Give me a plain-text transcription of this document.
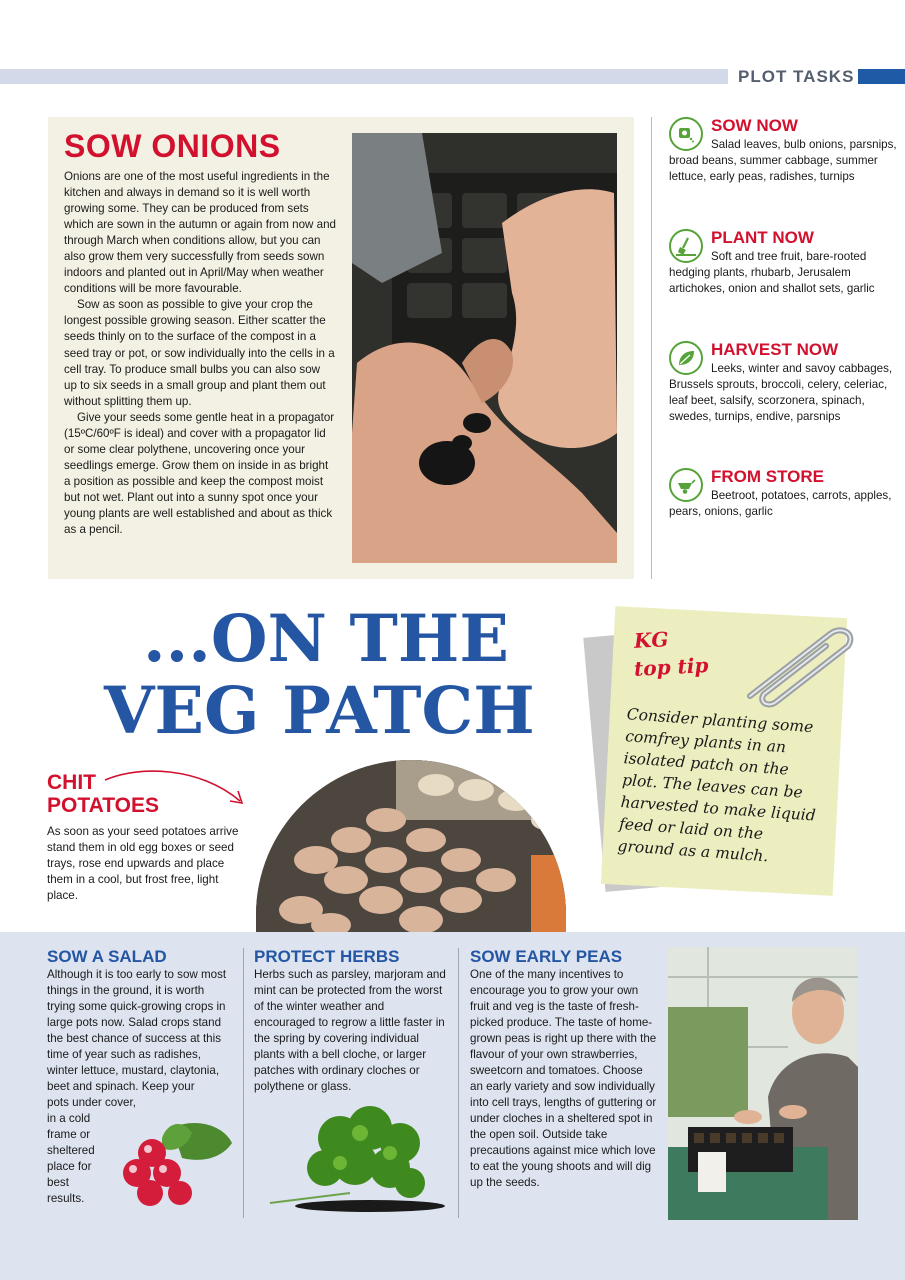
PLOT TASKS
SOW ONIONS

Onions are one of the most useful ingredients in the kitchen and always in demand so it is well worth growing some. They can be produced from sets which are sown in the autumn or again from now and through March when conditions allow, but you can also grow them very successfully from seeds sown indoors and planted out in April/May when weather conditions will be more favourable.

Sow as soon as possible to give your crop the longest possible growing season. Either scatter the seeds thinly on to the surface of the compost in a seed tray or pot, or sow individually into the cells in a cell tray. To produce small bulbs you can also sow up to six seeds in a small group and plant them out without splitting them up.

Give your seeds some gentle heat in a propagator (15ºC/60ºF is ideal) and cover with a propagator lid or some clear polythene, uncovering once your seedlings emerge. Grow them on inside in as bright a position as possible and keep the compost moist but not wet. Plant out into a sunny spot once your young plants are well established and about as thick as a pencil.

SOW NOW

Salad leaves, bulb onions, parsnips, broad beans, summer cabbage, summer lettuce, early peas, radishes, turnips

PLANT NOW

Soft and tree fruit, bare-rooted hedging plants, rhubarb, Jerusalem artichokes, onion and shallot sets, garlic

HARVEST NOW

Leeks, winter and savoy cabbages, Brussels sprouts, broccoli, celery, celeriac, leaf beet, salsify, scorzonera, spinach, swedes, turnips, endive, parsnips

FROM STORE

Beetroot, potatoes, carrots, apples, pears, onions, garlic

...ON THE
VEG PATCH
KG
top tip

Consider planting some comfrey plants in an isolated patch on the plot. The leaves can be harvested to make liquid feed or laid on the ground as a mulch.

CHIT
POTATOES

As soon as your seed potatoes arrive stand them in old egg boxes or seed trays, rose end upwards and place them in a cool, but frost free, light place.

SOW A SALAD

Although it is too early to sow most things in the ground, it is worth trying some quick-growing crops in large pots now. Salad crops stand the best chance of success at this time of year such as radishes, winter lettuce, mustard, claytonia, beet and spinach. Keep your

pots under cover,
in a cold
frame or
sheltered
place for
best
results.
PROTECT HERBS

Herbs such as parsley, marjoram and mint can be protected from the worst of the winter weather and encouraged to regrow a little faster in the spring by covering individual plants with a bell cloche, or larger patches with ordinary cloches or polythene or glass.

SOW EARLY PEAS

One of the many incentives to encourage you to grow your own fruit and veg is the taste of fresh-picked produce. The taste of home-grown peas is right up there with the flavour of your own strawberries, sweetcorn and tomatoes. Choose an early variety and sow individually into cell trays, lengths of guttering or under cloches in a sheltered spot in the open soil. Outside take precautions against mice which love to eat the young shoots and will dig up the seeds.
